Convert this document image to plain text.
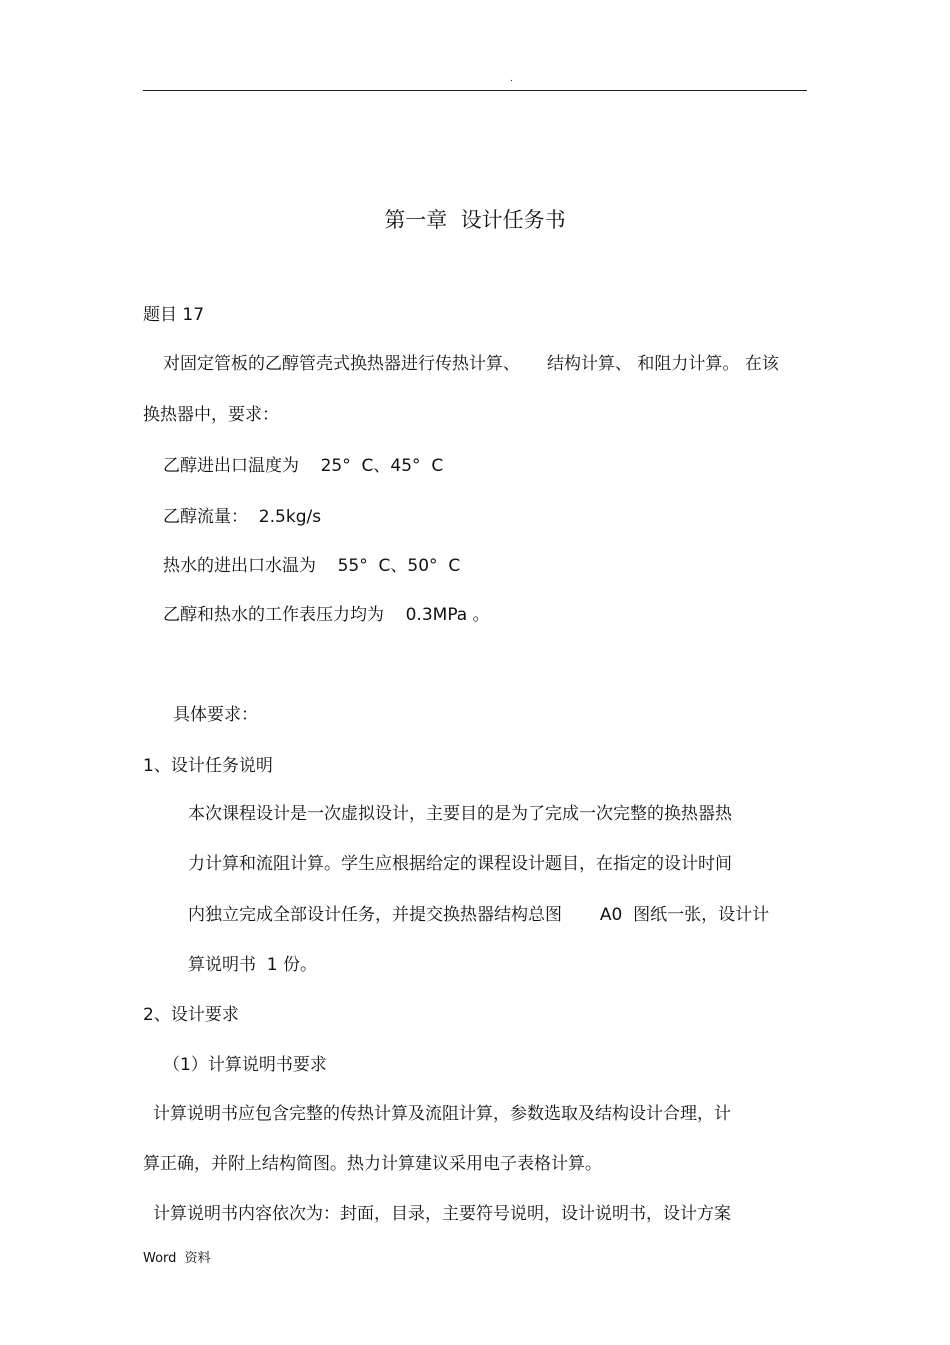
.
第一章  设计任务书
题目 17
对固定管板的乙醇管壳式换热器进行传热计算、     结构计算、 和阻力计算。 在该
换热器中，要求：
乙醇进出口温度为    25°  C、45°  C
乙醇流量：  2.5kg/s
热水的进出口水温为    55°  C、50°  C
乙醇和热水的工作表压力均为    0.3MPa 。
具体要求：
1、设计任务说明
本次课程设计是一次虚拟设计，主要目的是为了完成一次完整的换热器热
力计算和流阻计算。学生应根据给定的课程设计题目，在指定的设计时间
内独立完成全部设计任务，并提交换热器结构总图       A0  图纸一张，设计计
算说明书  1 份。
2、设计要求
（1）计算说明书要求
计算说明书应包含完整的传热计算及流阻计算，参数选取及结构设计合理，计
算正确，并附上结构简图。热力计算建议采用电子表格计算。
计算说明书内容依次为：封面，目录，主要符号说明，设计说明书，设计方案
Word  资料
